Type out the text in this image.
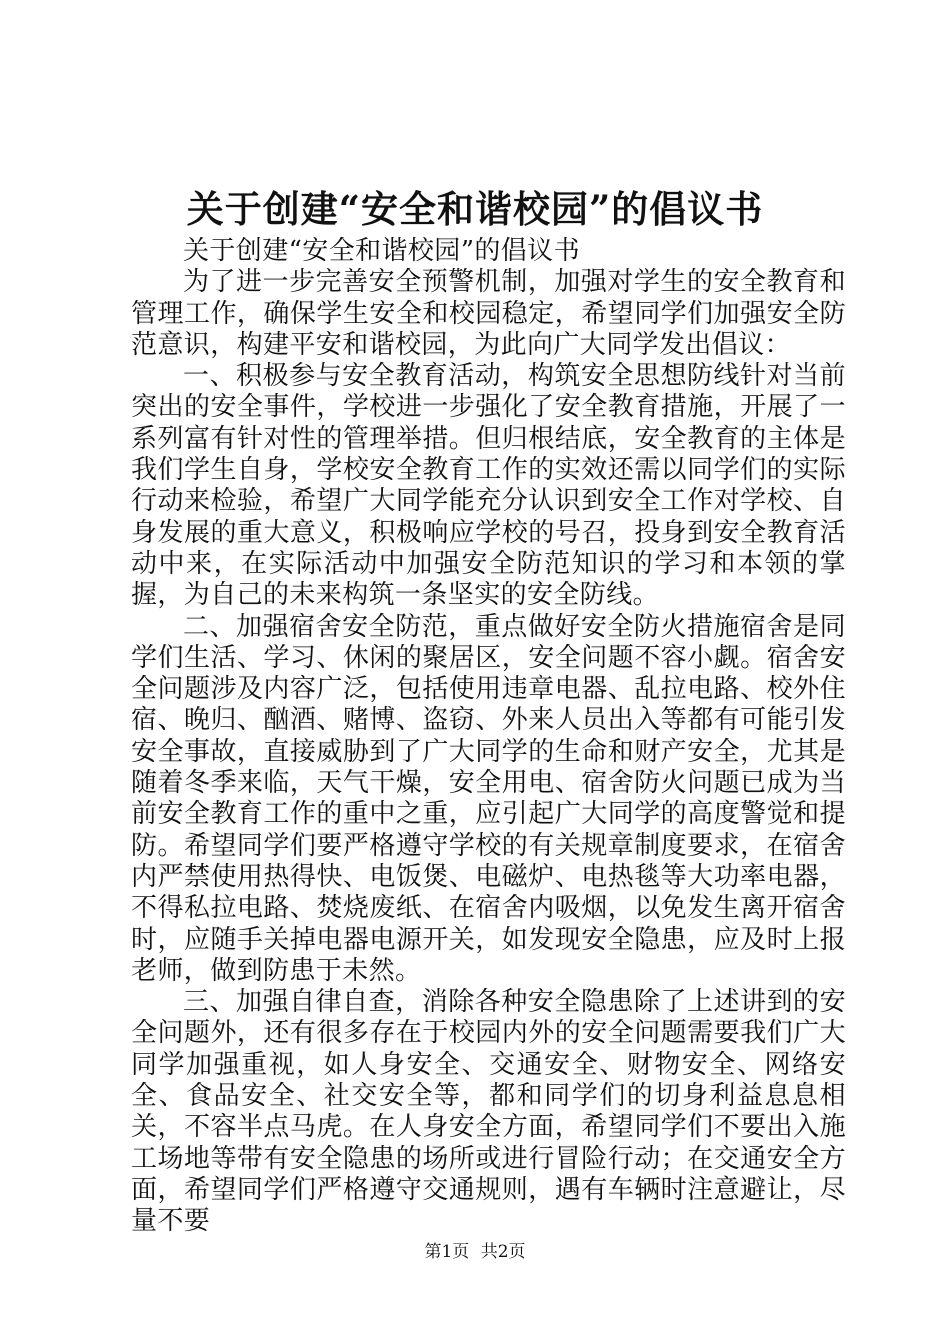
关于创建“安全和谐校园”的倡议书

关于创建“安全和谐校园”的倡议书

为了进一步完善安全预警机制，加强对学生的安全教育和管理工作，确保学生安全和校园稳定，希望同学们加强安全防范意识，构建平安和谐校园，为此向广大同学发出倡议：

一、积极参与安全教育活动，构筑安全思想防线针对当前突出的安全事件，学校进一步强化了安全教育措施，开展了一系列富有针对性的管理举措。但归根结底，安全教育的主体是我们学生自身，学校安全教育工作的实效还需以同学们的实际行动来检验，希望广大同学能充分认识到安全工作对学校、自身发展的重大意义，积极响应学校的号召，投身到安全教育活动中来，在实际活动中加强安全防范知识的学习和本领的掌握，为自己的未来构筑一条坚实的安全防线。

二、加强宿舍安全防范，重点做好安全防火措施宿舍是同学们生活、学习、休闲的聚居区，安全问题不容小觑。宿舍安全问题涉及内容广泛，包括使用违章电器、乱拉电路、校外住宿、晚归、酗酒、赌博、盗窃、外来人员出入等都有可能引发安全事故，直接威胁到了广大同学的生命和财产安全，尤其是随着冬季来临，天气干燥，安全用电、宿舍防火问题已成为当前安全教育工作的重中之重，应引起广大同学的高度警觉和提防。希望同学们要严格遵守学校的有关规章制度要求，在宿舍内严禁使用热得快、电饭煲、电磁炉、电热毯等大功率电器，不得私拉电路、焚烧废纸、在宿舍内吸烟，以免发生离开宿舍时，应随手关掉电器电源开关，如发现安全隐患，应及时上报老师，做到防患于未然。

三、加强自律自查，消除各种安全隐患除了上述讲到的安全问题外，还有很多存在于校园内外的安全问题需要我们广大同学加强重视，如人身安全、交通安全、财物安全、网络安全、食品安全、社交安全等，都和同学们的切身利益息息相关，不容半点马虎。在人身安全方面，希望同学们不要出入施工场地等带有安全隐患的场所或进行冒险行动；在交通安全方面，希望同学们严格遵守交通规则，遇有车辆时注意避让，尽量不要

第1页 共2页
